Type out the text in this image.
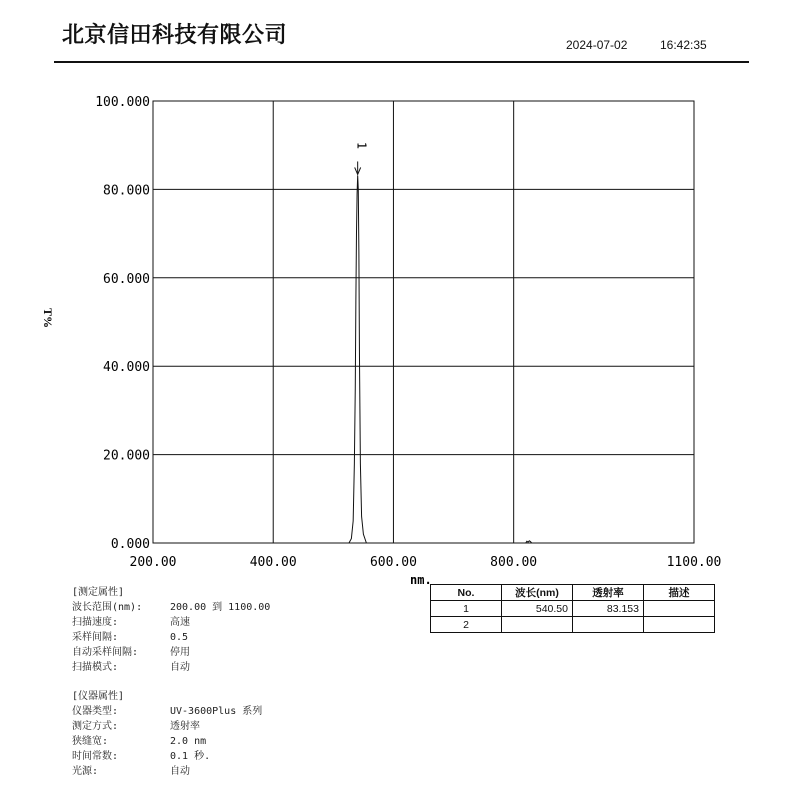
北京信田科技有限公司	2024-07-02	16:42:35
0.000
20.000
40.000
60.000
80.000
100.000
200.00	400.00	600.00	800.00	1100.00
1
T%
nm.
No.	波长(nm)	透射率	描述
1	540.50	83.153	
2			
[测定属性]
波长范围(nm):	200.00 到 1100.00
扫描速度:	高速
采样间隔:	0.5
自动采样间隔:	停用
扫描模式:	自动
[仪器属性]
仪器类型:	UV-3600Plus 系列
测定方式:	透射率
狭缝宽:	2.0 nm
时间常数:	0.1 秒.
光源:	自动
